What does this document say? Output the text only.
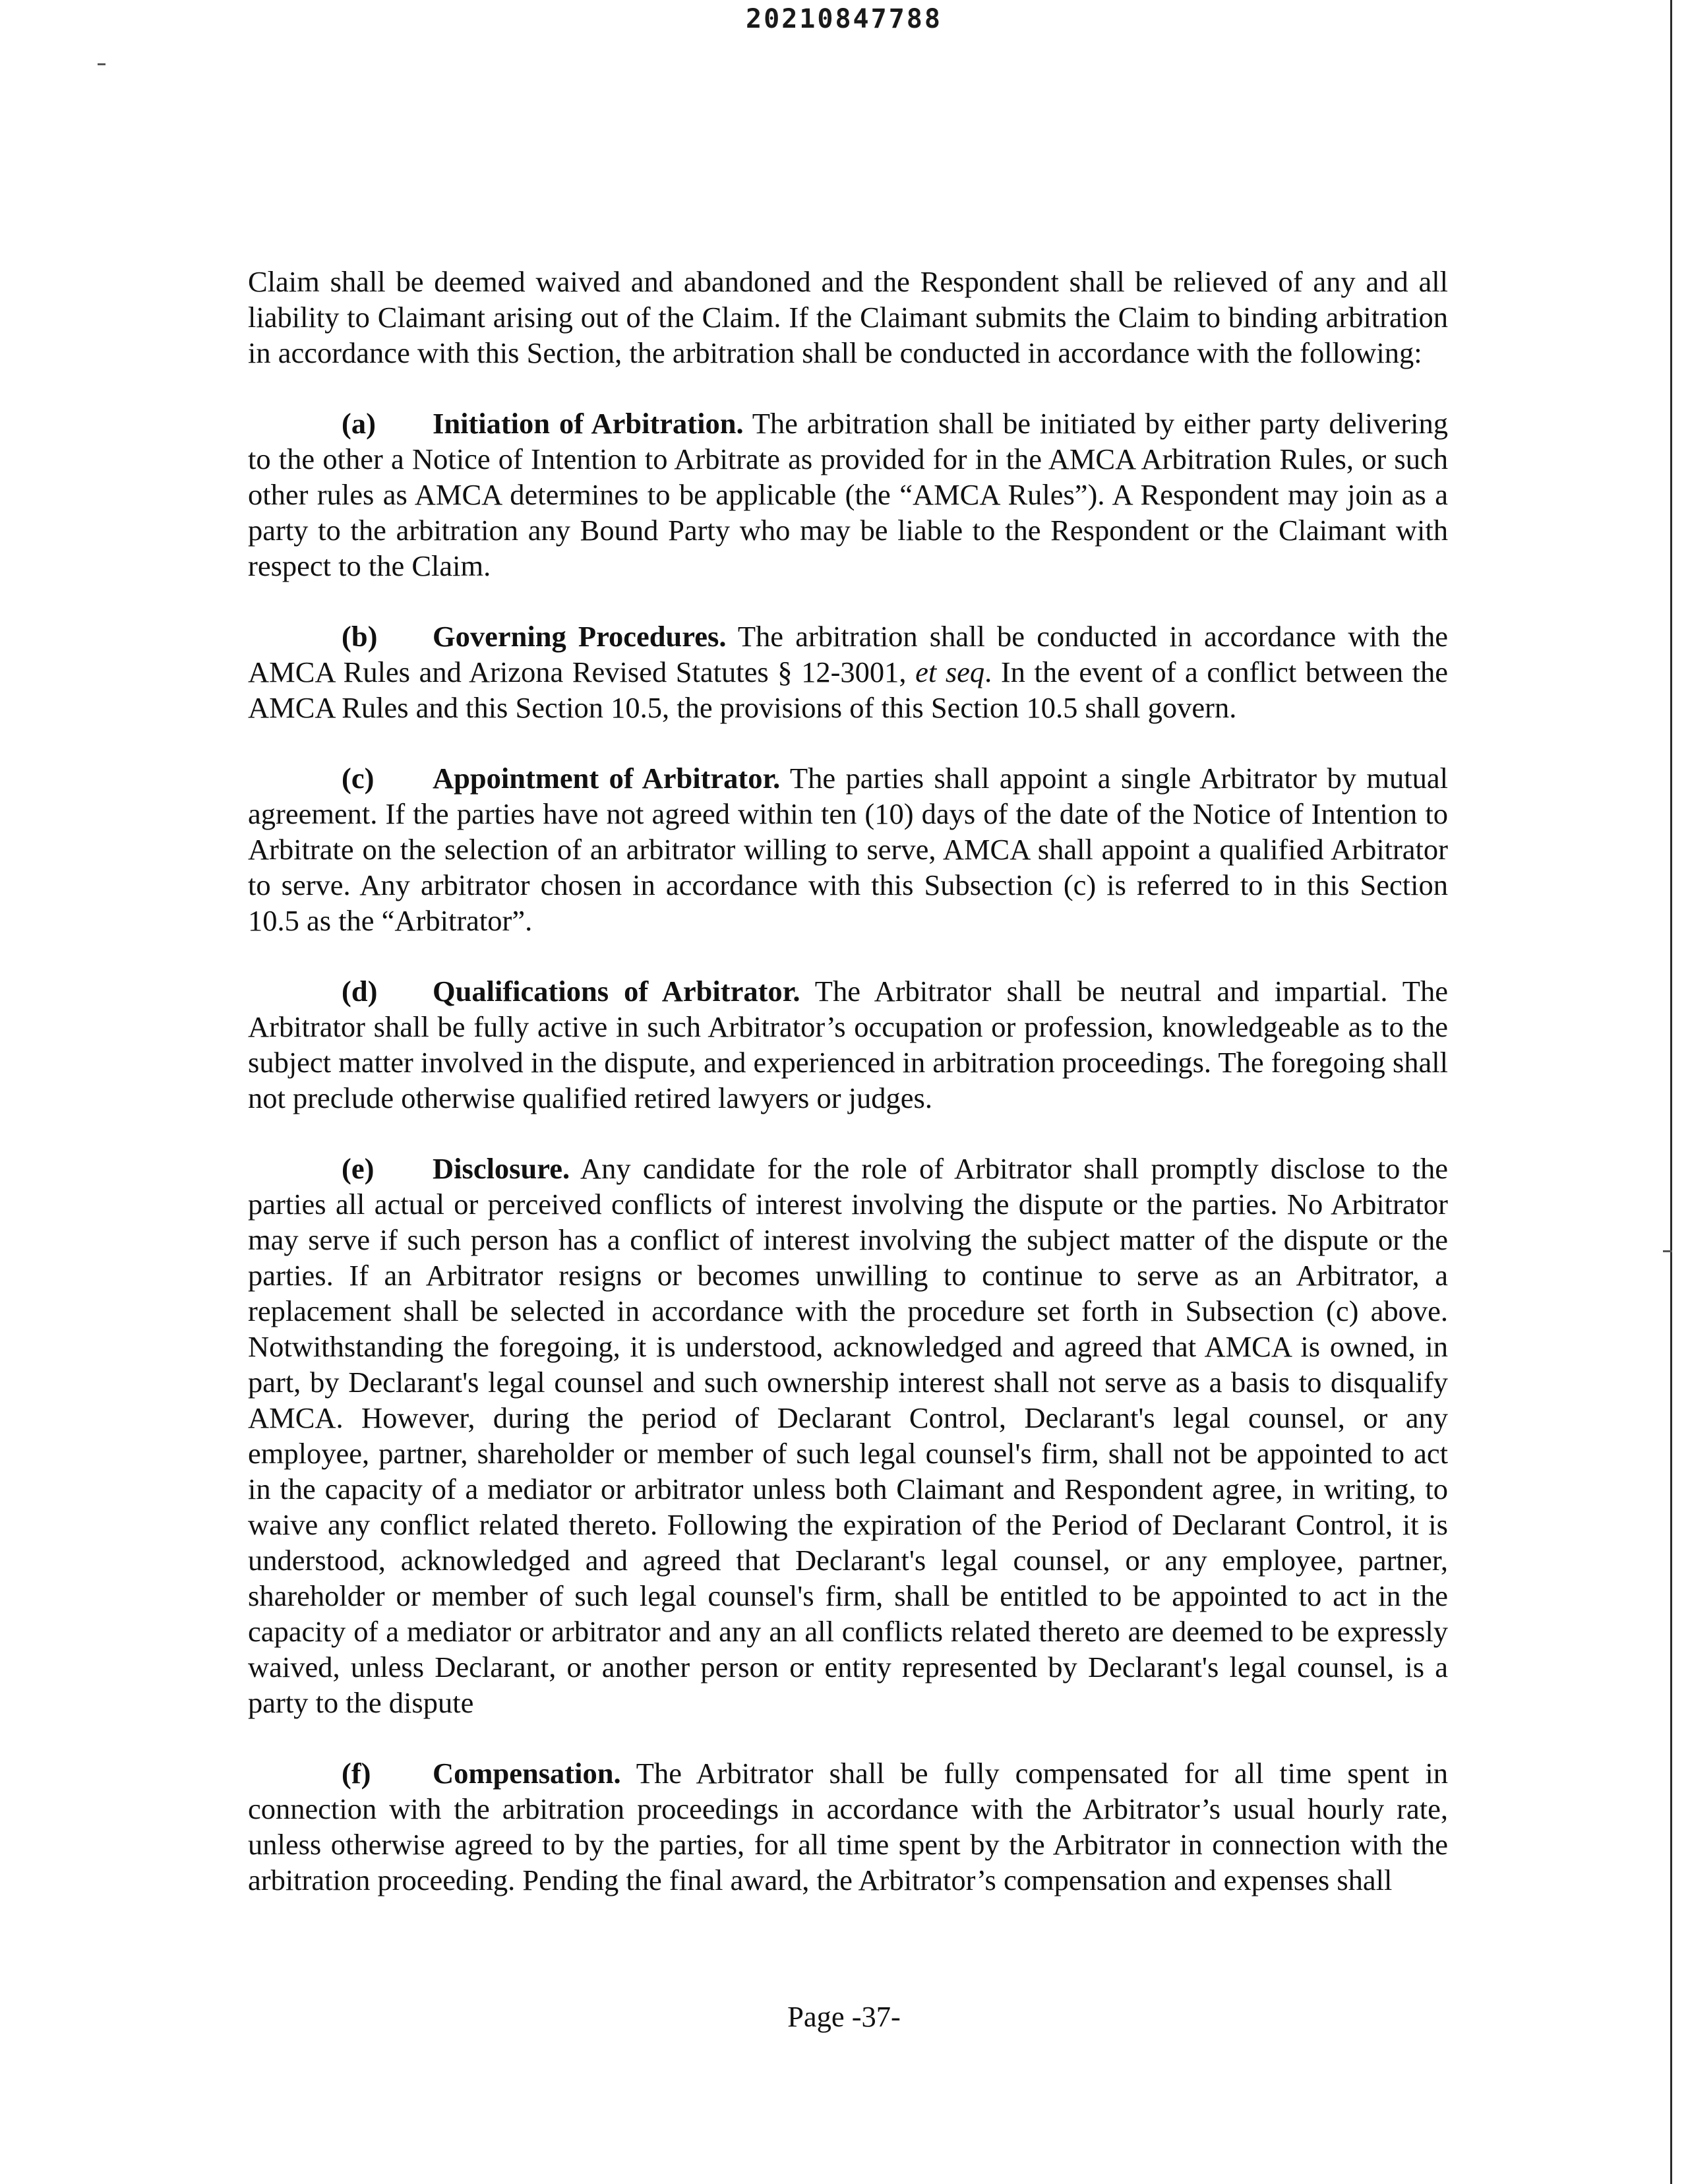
20210847788

Claim shall be deemed waived and abandoned and the Respondent shall be relieved of any and all liability to Claimant arising out of the Claim. If the Claimant submits the Claim to binding arbitration in accordance with this Section, the arbitration shall be conducted in accordance with the following:

(a) Initiation of Arbitration. The arbitration shall be initiated by either party delivering to the other a Notice of Intention to Arbitrate as provided for in the AMCA Arbitration Rules, or such other rules as AMCA determines to be applicable (the “AMCA Rules”). A Respondent may join as a party to the arbitration any Bound Party who may be liable to the Respondent or the Claimant with respect to the Claim.

(b) Governing Procedures. The arbitration shall be conducted in accordance with the AMCA Rules and Arizona Revised Statutes § 12-3001, et seq. In the event of a conflict between the AMCA Rules and this Section 10.5, the provisions of this Section 10.5 shall govern.

(c) Appointment of Arbitrator. The parties shall appoint a single Arbitrator by mutual agreement. If the parties have not agreed within ten (10) days of the date of the Notice of Intention to Arbitrate on the selection of an arbitrator willing to serve, AMCA shall appoint a qualified Arbitrator to serve. Any arbitrator chosen in accordance with this Subsection (c) is referred to in this Section 10.5 as the “Arbitrator”.

(d) Qualifications of Arbitrator. The Arbitrator shall be neutral and impartial. The Arbitrator shall be fully active in such Arbitrator’s occupation or profession, knowledgeable as to the subject matter involved in the dispute, and experienced in arbitration proceedings. The foregoing shall not preclude otherwise qualified retired lawyers or judges.

(e) Disclosure. Any candidate for the role of Arbitrator shall promptly disclose to the parties all actual or perceived conflicts of interest involving the dispute or the parties. No Arbitrator may serve if such person has a conflict of interest involving the subject matter of the dispute or the parties. If an Arbitrator resigns or becomes unwilling to continue to serve as an Arbitrator, a replacement shall be selected in accordance with the procedure set forth in Subsection (c) above. Notwithstanding the foregoing, it is understood, acknowledged and agreed that AMCA is owned, in part, by Declarant's legal counsel and such ownership interest shall not serve as a basis to disqualify AMCA. However, during the period of Declarant Control, Declarant's legal counsel, or any employee, partner, shareholder or member of such legal counsel's firm, shall not be appointed to act in the capacity of a mediator or arbitrator unless both Claimant and Respondent agree, in writing, to waive any conflict related thereto. Following the expiration of the Period of Declarant Control, it is understood, acknowledged and agreed that Declarant's legal counsel, or any employee, partner, shareholder or member of such legal counsel's firm, shall be entitled to be appointed to act in the capacity of a mediator or arbitrator and any an all conflicts related thereto are deemed to be expressly waived, unless Declarant, or another person or entity represented by Declarant's legal counsel, is a party to the dispute

(f) Compensation. The Arbitrator shall be fully compensated for all time spent in connection with the arbitration proceedings in accordance with the Arbitrator’s usual hourly rate, unless otherwise agreed to by the parties, for all time spent by the Arbitrator in connection with the arbitration proceeding. Pending the final award, the Arbitrator’s compensation and expenses shall

Page -37-
